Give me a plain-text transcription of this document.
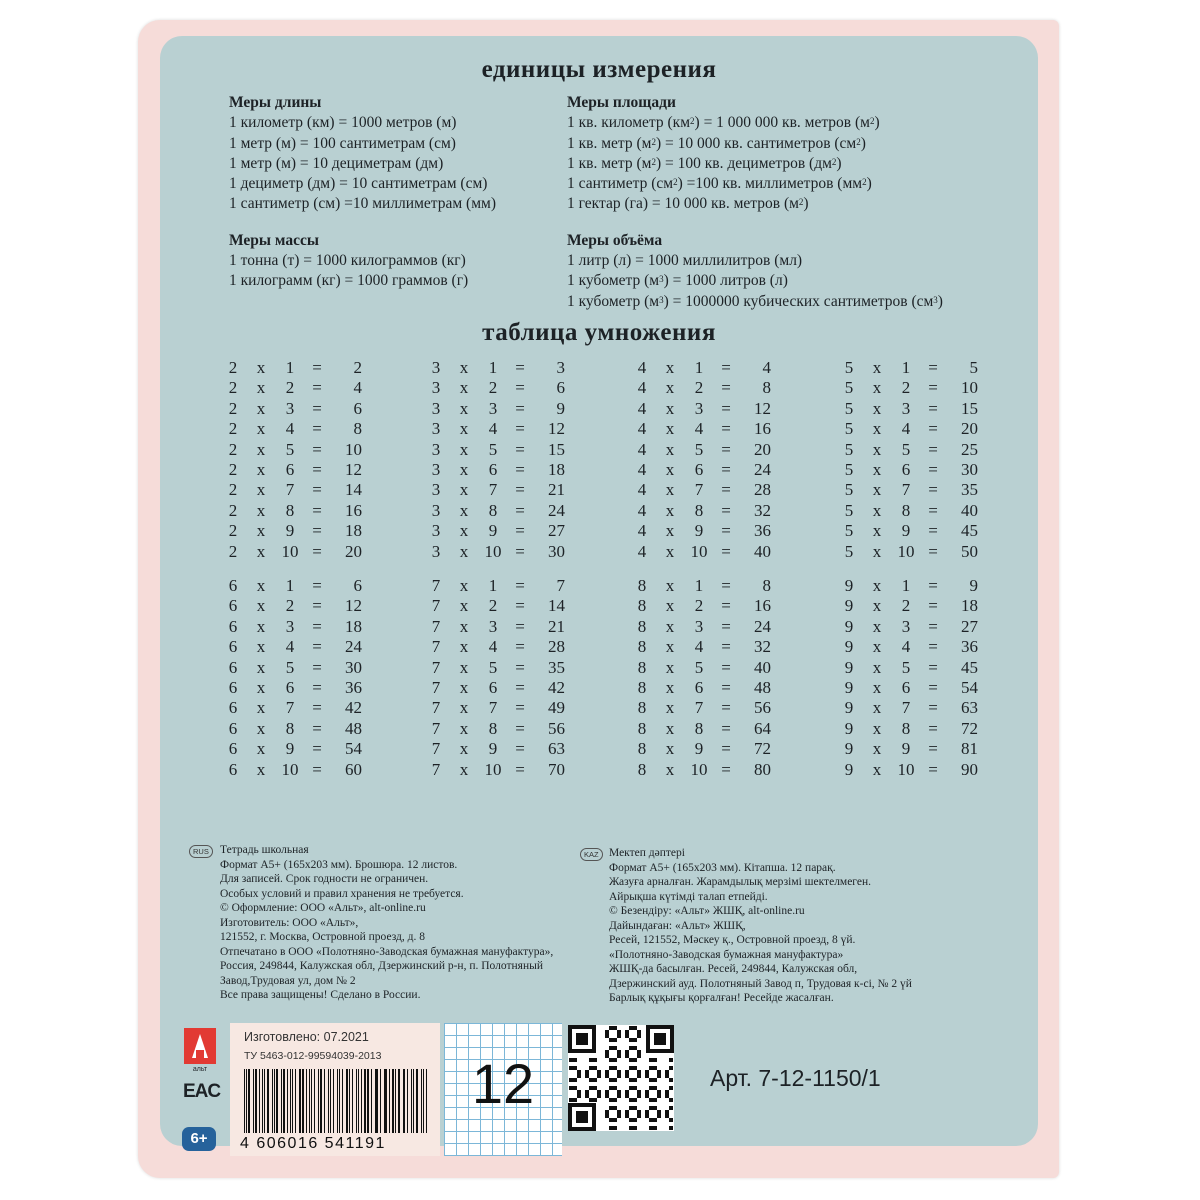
единицы измерения
Меры длины
1 километр (км) = 1000 метров (м)
1 метр (м) = 100 сантиметрам (см)
1 метр (м) = 10 дециметрам (дм)
1 дециметр (дм) = 10 сантиметрам (см)
1 сантиметр (см) =10 миллиметрам (мм)
Меры массы
1 тонна (т) = 1000 килограммов (кг)
1 килограмм (кг) = 1000 граммов (г)
Меры площади
1 кв. километр $(км^2) = 1$ 000 000 кв. метров $(м^2)$
1 кв. метр $(м^2) = 10$ 000 кв. сантиметров $(см^2)$
1 кв. метр $(м^2) = 100$ кв. дециметров $(дм^2)$
1 сантиметр $(см^2) =100$ кв. миллиметров $(мм^2)$
1 гектар (га) = 10 000 кв. метров $(м^2)$
Меры объёма
1 литр (л) = 1000 миллилитров (мл)
1 кубометр $(м^3) = 1000$ литров (л)
1 кубометр $(м^3) = 1000000$ кубических сантиметров $(см^3)$
таблица умножения
2 x	1	=	2
2 x	2	=	4
2 x	3	=	6
2 x	4	=	8
2 x	5	=	10
2 x	6	=	12
2 x	7	=	14
2 x	8	=	16
2 x	9	=	18
2 x 10 =	20
3 x	1	=	3
3 x	2	=	6
3 x	3	=	9
3 x	4	=	12
3 x	5	=	15
3 x	6	=	18
3 x	7	=	21
3 x	8	=	24
3 x	9	=	27
3 x 10 =	30
4 x	1	=	4
4 x	2	=	8
4 x	3	=	12
4 x	4	=	16
4 x	5	=	20
4 x	6	=	24
4 x	7	=	28
4 x	8	=	32
4 x	9	=	36
4 x 10 =	40
5 x	1	=	5
5 x	2	=	10
5 x	3	=	15
5 x	4	=	20
5 x	5	=	25
5 x	6	=	30
5 x	7	=	35
5 x	8	=	40
5 x	9	=	45
5 x 10 =	50
6 x	1	=	6
6 x	2	=	12
6 x	3	=	18
6 x	4	=	24
6 x	5	=	30
6 x	6	=	36
6 x	7	=	42
6 x	8	=	48
6 x	9	=	54
6 x 10 =	60
7 x	1	=	7
7 x	2	=	14
7 x	3	=	21
7 x	4	=	28
7 x	5	=	35
7 x	6	=	42
7 x	7	=	49
7 x	8	=	56
7 x	9	=	63
7 x 10 =	70
8 x	1	=	8
8 x	2	=	16
8 x	3	=	24
8 x	4	=	32
8 x	5	=	40
8 x	6	=	48
8 x	7	=	56
8 x	8	=	64
8 x	9	=	72
8 x 10 =	80
9 x	1	=	9
9 x	2	=	18
9 x	3	=	27
9 x	4	=	36
9 x	5	=	45
9 x	6	=	54
9 x	7	=	63
9 x	8	=	72
9 x	9	=	81
9 x 10 =	90
RUS Тетрадь школьная
Формат А5+ (165x203 мм). Брошюра. 12 листов.
Для записей. Срок годности не ограничен.
Особых условий и правил хранения не требуется.
© Оформление: ООО «Альт», alt-online.ru
Изготовитель: ООО «Альт»,
121552, г. Москва, Островной проезд, д. 8
Отпечатано в ООО «Полотняно-Заводская бумажная мануфактура»,
Россия, 249844, Калужская обл, Дзержинский р-н, п. Полотняный
Завод,Трудовая ул, дом № 2
Все права защищены! Сделано в России.
KAZ Мектеп дәптері
Формат А5+ (165x203 мм). Кітапша. 12 парақ.
Жазуға арналған. Жарамдылық мерзімі шектелмеген.
Айрықша күтімді талап етпейді.
© Безендіру: «Альт» ЖШҚ, alt-online.ru
Дайындаған: «Альт» ЖШҚ,
Ресей, 121552, Мәскеу қ., Островной проезд, 8 үй.
«Полотняно-Заводская бумажная мануфактура»
ЖШҚ-да басылған. Ресей, 249844, Калужская обл,
Дзержинский ауд. Полотняный Завод п, Трудовая к-сі, № 2 үй
Барлық құқығы қорғалған! Ресейде жасалған.
альт
EAC
6+
Изготовлено: 07.2021
ТУ 5463-012-99594039-2013
4 606016 541191
12	Арт. 7-12-1150/1
